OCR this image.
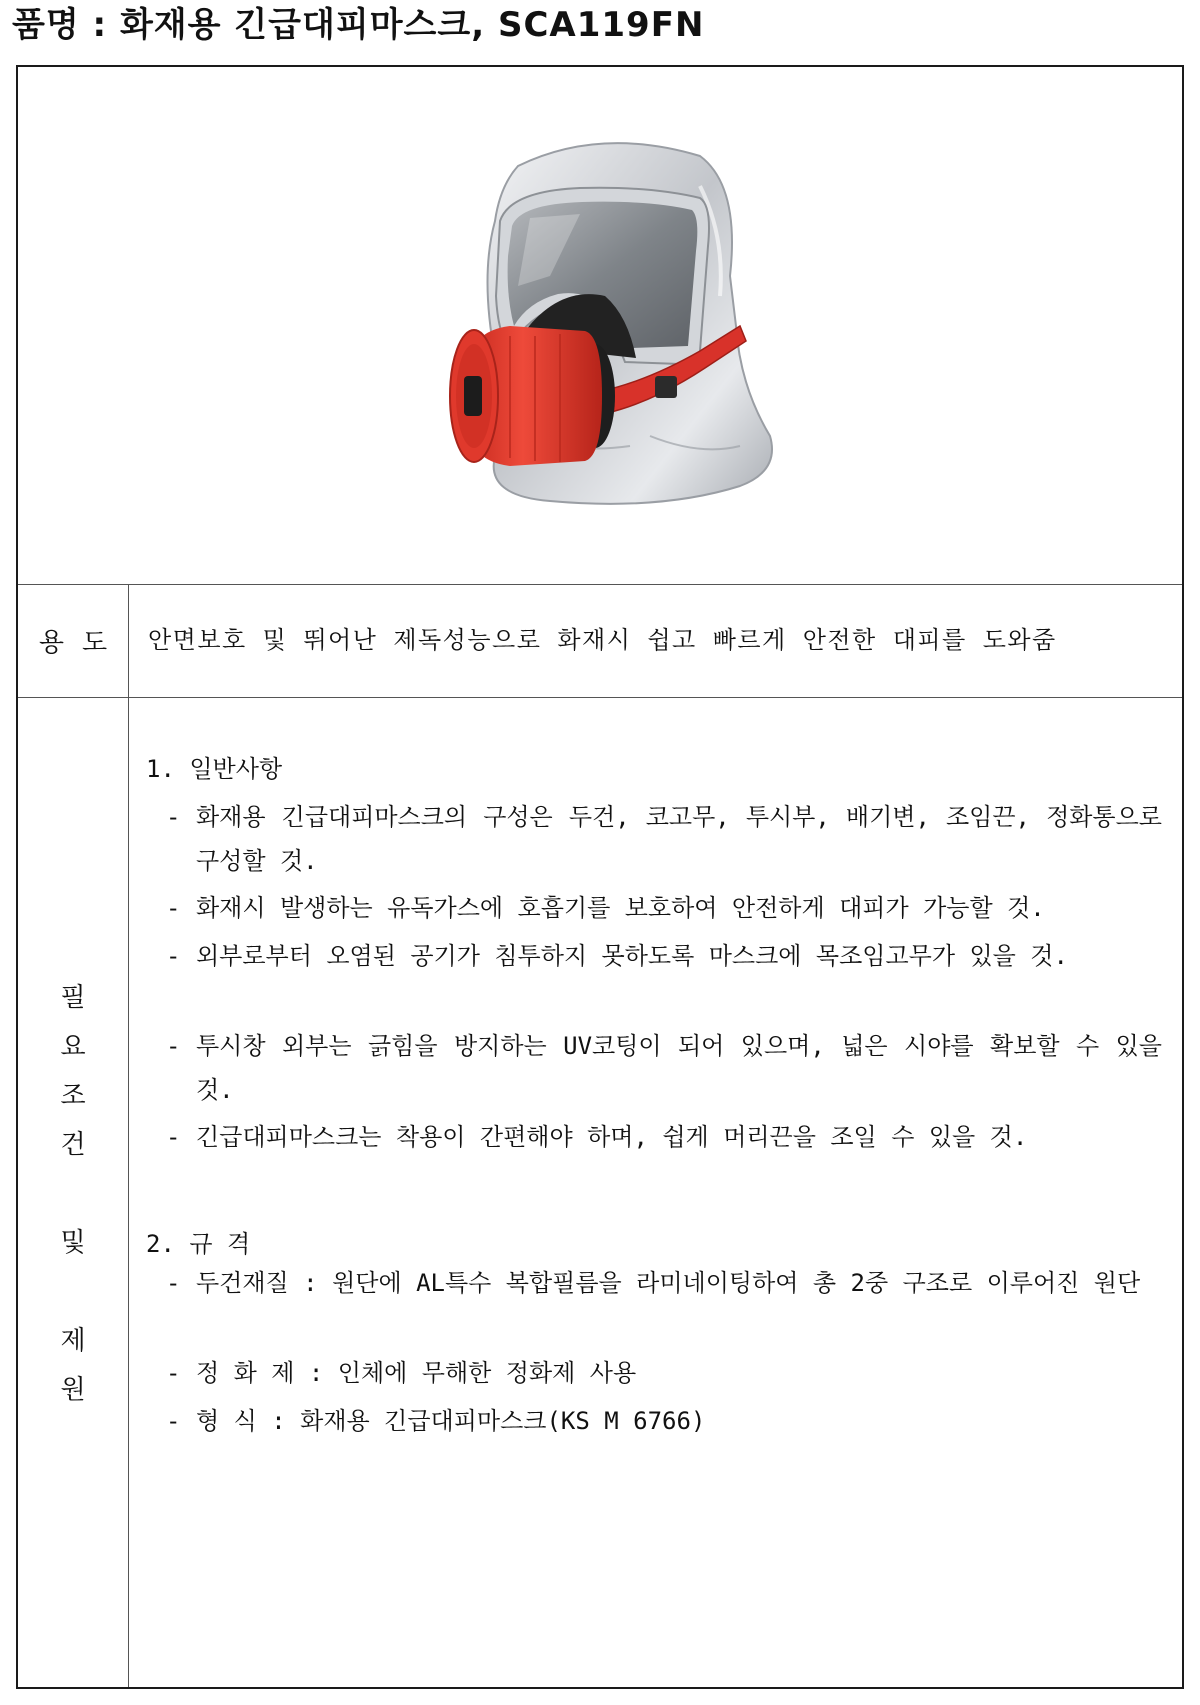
품명 : 화재용 긴급대피마스크, SCA119FN
용도 안면보호 및 뛰어난 제독성능으로 화재시 쉽고 빠르게 안전한 대피를 도와줌
필
요
조
건
및
제
원
1. 일반사항
- 화재용 긴급대피마스크의 구성은 두건, 코고무, 투시부, 배기변, 조임끈, 정화통으로 구성할 것.
- 화재시 발생하는 유독가스에 호흡기를 보호하여 안전하게 대피가 가능할 것.
- 외부로부터 오염된 공기가 침투하지 못하도록 마스크에 목조임고무가 있을 것.
- 투시창 외부는 긁힘을 방지하는 UV코팅이 되어 있으며, 넓은 시야를 확보할 수 있을 것.
- 긴급대피마스크는 착용이 간편해야 하며, 쉽게 머리끈을 조일 수 있을 것.
2. 규 격
- 두건재질 : 원단에 AL특수 복합필름을 라미네이팅하여 총 2중 구조로 이루어진 원단
- 정 화 제 : 인체에 무해한 정화제 사용
- 형 식 : 화재용 긴급대피마스크(KS M 6766)
